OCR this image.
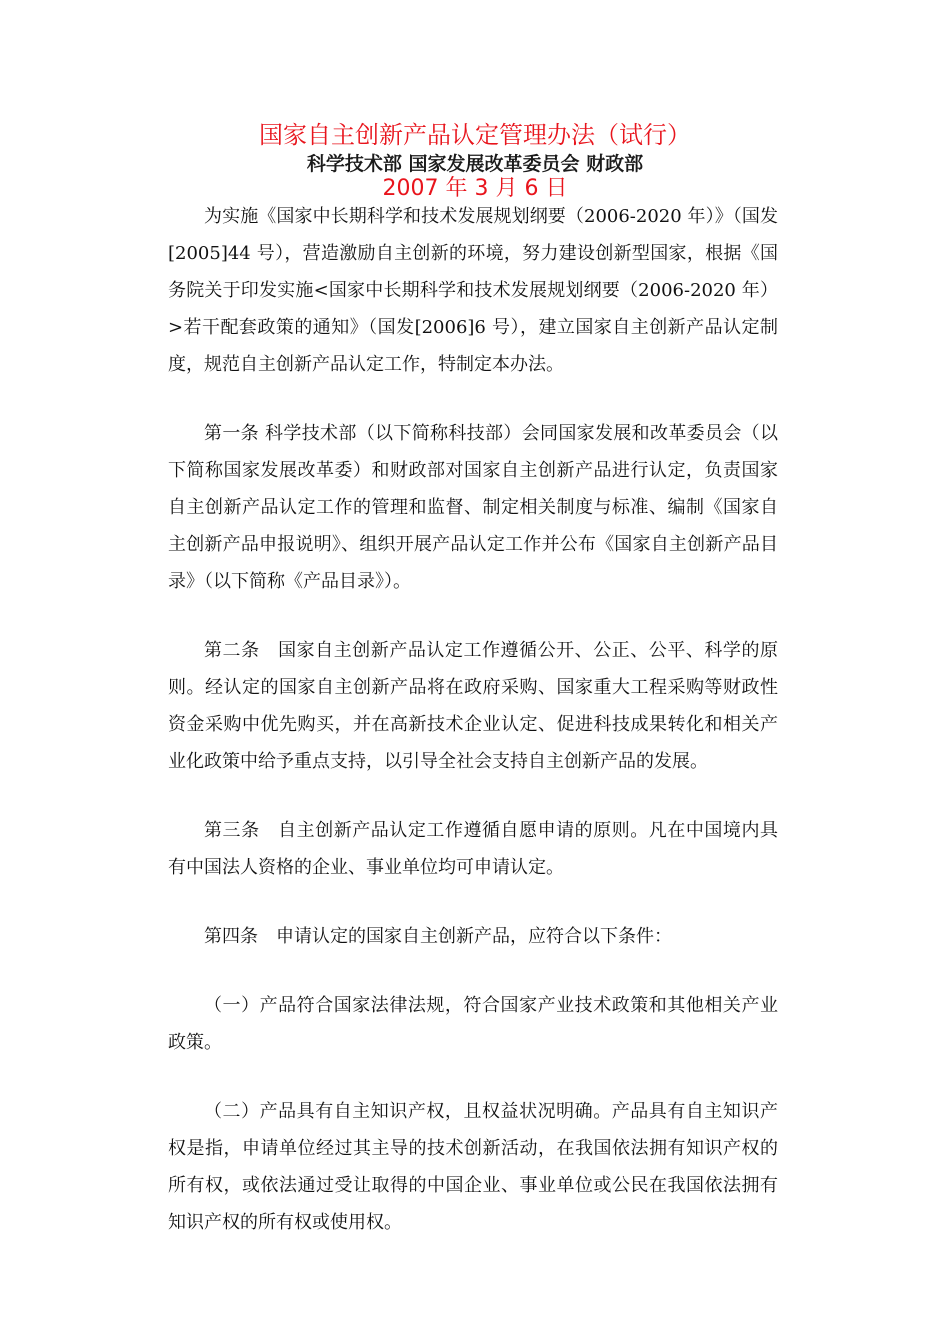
国家自主创新产品认定管理办法（试行）
科学技术部 国家发展改革委员会 财政部
2007 年 3 月 6 日

为实施《国家中长期科学和技术发展规划纲要（2006-2020 年）》（国发[2005]44 号），营造激励自主创新的环境，努力建设创新型国家，根据《国务院关于印发实施<国家中长期科学和技术发展规划纲要（2006-2020 年）>若干配套政策的通知》（国发[2006]6 号），建立国家自主创新产品认定制度，规范自主创新产品认定工作，特制定本办法。

第一条 科学技术部（以下简称科技部）会同国家发展和改革委员会（以下简称国家发展改革委）和财政部对国家自主创新产品进行认定，负责国家自主创新产品认定工作的管理和监督、制定相关制度与标准、编制《国家自主创新产品申报说明》、组织开展产品认定工作并公布《国家自主创新产品目录》（以下简称《产品目录》）。

第二条　国家自主创新产品认定工作遵循公开、公正、公平、科学的原则。经认定的国家自主创新产品将在政府采购、国家重大工程采购等财政性资金采购中优先购买，并在高新技术企业认定、促进科技成果转化和相关产业化政策中给予重点支持，以引导全社会支持自主创新产品的发展。

第三条　自主创新产品认定工作遵循自愿申请的原则。凡在中国境内具有中国法人资格的企业、事业单位均可申请认定。

第四条　申请认定的国家自主创新产品，应符合以下条件：

（一）产品符合国家法律法规，符合国家产业技术政策和其他相关产业政策。

（二）产品具有自主知识产权，且权益状况明确。产品具有自主知识产权是指，申请单位经过其主导的技术创新活动，在我国依法拥有知识产权的所有权，或依法通过受让取得的中国企业、事业单位或公民在我国依法拥有知识产权的所有权或使用权。
